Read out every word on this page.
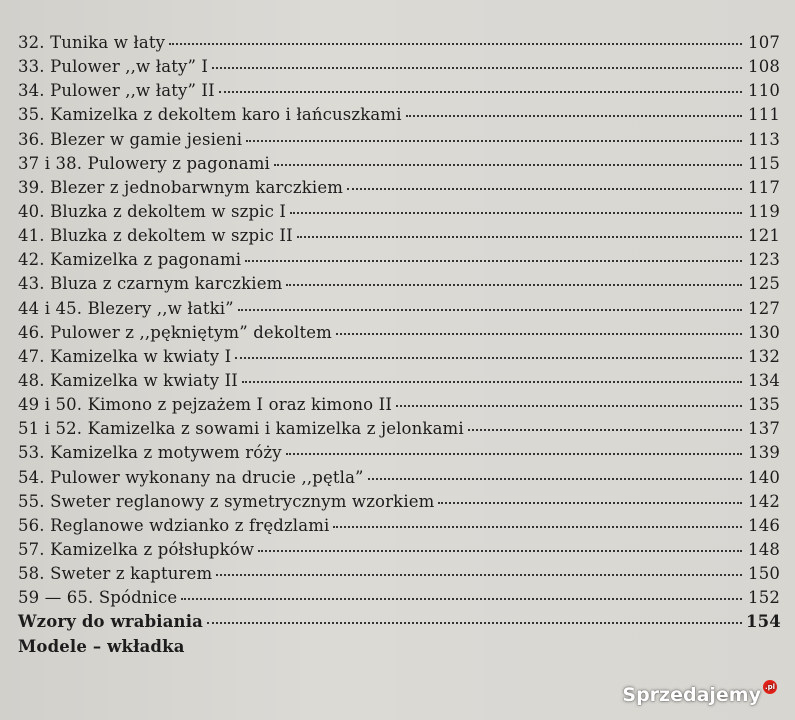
32. Tunika w łaty	107
33. Pulower ,,w łaty” I	108
34. Pulower ,,w łaty” II	110
35. Kamizelka z dekoltem karo i łańcuszkami	111
36. Blezer w gamie jesieni	113
37 i 38. Pulowery z pagonami	115
39. Blezer z jednobarwnym karczkiem	117
40. Bluzka z dekoltem w szpic I	119
41. Bluzka z dekoltem w szpic II	121
42. Kamizelka z pagonami	123
43. Bluza z czarnym karczkiem	125
44 i 45. Blezery ,,w łatki”	127
46. Pulower z ,,pękniętym” dekoltem	130
47. Kamizelka w kwiaty I	132
48. Kamizelka w kwiaty II	134
49 i 50. Kimono z pejzażem I oraz kimono II	135
51 i 52. Kamizelka z sowami i kamizelka z jelonkami	137
53. Kamizelka z motywem róży	139
54. Pulower wykonany na drucie ,,pętla”	140
55. Sweter reglanowy z symetrycznym wzorkiem	142
56. Reglanowe wdzianko z frędzlami	146
57. Kamizelka z półsłupków	148
58. Sweter z kapturem	150
59 — 65. Spódnice	152
Wzory do wrabiania	154
Modele – wkładka
Sprzedajemy .pl
